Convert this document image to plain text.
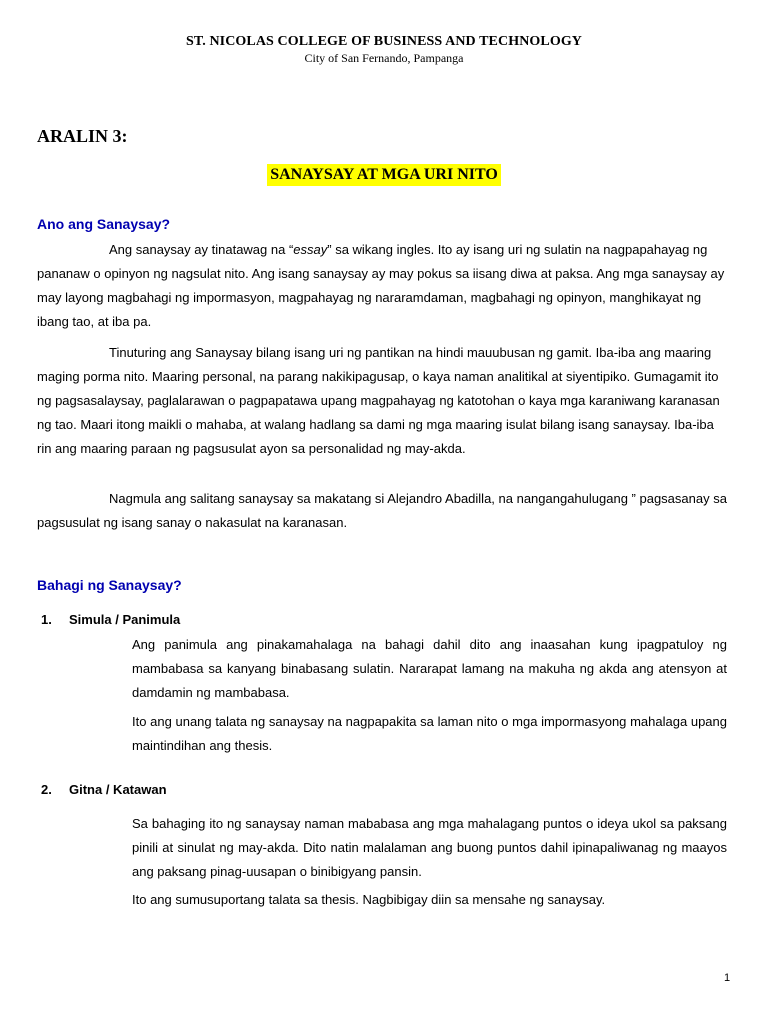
ST. NICOLAS COLLEGE OF BUSINESS AND TECHNOLOGY

City of San Fernando, Pampanga

ARALIN 3:

SANAYSAY AT MGA URI NITO

Ano ang Sanaysay?

Ang sanaysay ay tinatawag na “essay” sa wikang ingles. Ito ay isang uri ng sulatin na nagpapahayag ng pananaw o opinyon ng nagsulat nito. Ang isang sanaysay ay may pokus sa iisang diwa at paksa. Ang mga sanaysay ay may layong magbahagi ng impormasyon, magpahayag ng nararamdaman, magbahagi ng opinyon, manghikayat ng ibang tao, at iba pa.

Tinuturing ang Sanaysay bilang isang uri ng pantikan na hindi mauubusan ng gamit. Iba-iba ang maaring maging porma nito. Maaring personal, na parang nakikipagusap, o kaya naman analitikal at siyentipiko. Gumagamit ito ng pagsasalaysay, paglalarawan o pagpapatawa upang magpahayag ng katotohan o kaya mga karaniwang karanasan ng tao. Maari itong maikli o mahaba, at walang hadlang sa dami ng mga maaring isulat bilang isang sanaysay. Iba-iba rin ang maaring paraan ng pagsusulat ayon sa personalidad ng may-akda.

Nagmula ang salitang sanaysay sa makatang si Alejandro Abadilla, na nangangahulugang ” pagsasanay sa pagsusulat ng isang sanay o nakasulat na karanasan.

Bahagi ng Sanaysay?

1. Simula / Panimula

Ang panimula ang pinakamahalaga na bahagi dahil dito ang inaasahan kung ipagpatuloy ng mambabasa sa kanyang binabasang sulatin. Nararapat lamang na makuha ng akda ang atensyon at damdamin ng mambabasa.

Ito ang unang talata ng sanaysay na nagpapakita sa laman nito o mga impormasyong mahalaga upang maintindihan ang thesis.

2. Gitna / Katawan

Sa bahaging ito ng sanaysay naman mababasa ang mga mahalagang puntos o ideya ukol sa paksang pinili at sinulat ng may-akda. Dito natin malalaman ang buong puntos dahil ipinapaliwanag ng maayos ang paksang pinag-uusapan o binibigyang pansin.

Ito ang sumusuportang talata sa thesis. Nagbibigay diin sa mensahe ng sanaysay.

1
